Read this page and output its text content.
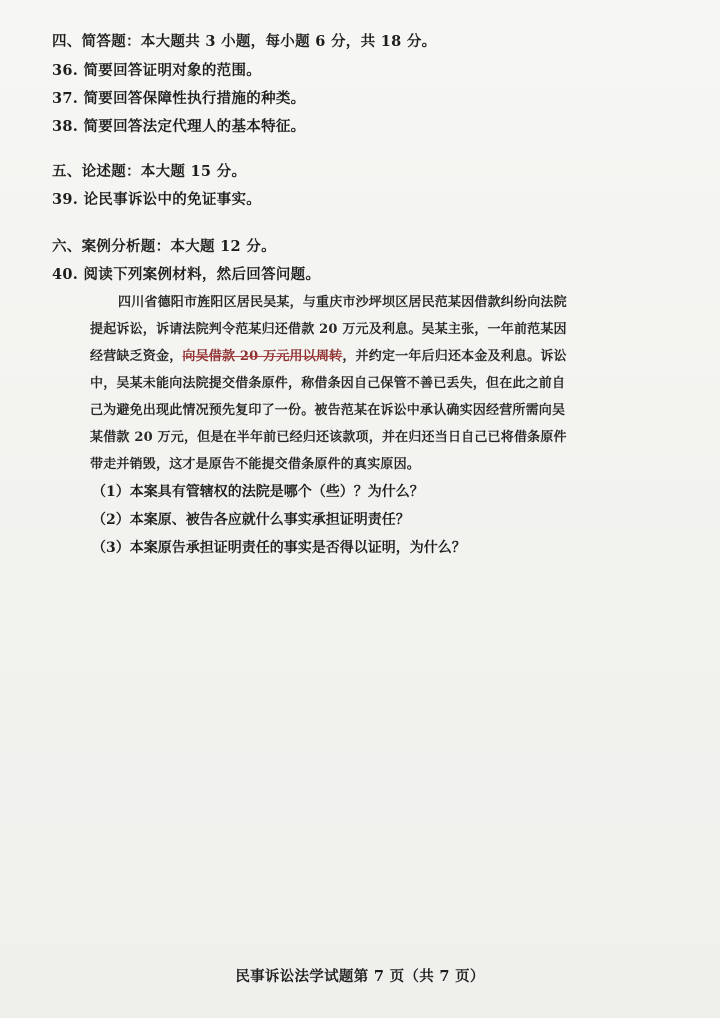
四、简答题：本大题共 3 小题，每小题 6 分，共 18 分。
36. 简要回答证明对象的范围。
37. 简要回答保障性执行措施的种类。
38. 简要回答法定代理人的基本特征。
五、论述题：本大题 15 分。
39. 论民事诉讼中的免证事实。
六、案例分析题：本大题 12 分。
40. 阅读下列案例材料，然后回答问题。
四川省德阳市旌阳区居民吴某，与重庆市沙坪坝区居民范某因借款纠纷向法院
提起诉讼，诉请法院判令范某归还借款 20 万元及利息。吴某主张，一年前范某因
经营缺乏资金，向吴借款 20 万元用以周转，并约定一年后归还本金及利息。诉讼
中，吴某未能向法院提交借条原件，称借条因自己保管不善已丢失，但在此之前自
己为避免出现此情况预先复印了一份。被告范某在诉讼中承认确实因经营所需向吴
某借款 20 万元，但是在半年前已经归还该款项，并在归还当日自己已将借条原件
带走并销毁，这才是原告不能提交借条原件的真实原因。
（1）本案具有管辖权的法院是哪个（些）？为什么？
（2）本案原、被告各应就什么事实承担证明责任？
（3）本案原告承担证明责任的事实是否得以证明，为什么？
民事诉讼法学试题第 7 页（共 7 页）
